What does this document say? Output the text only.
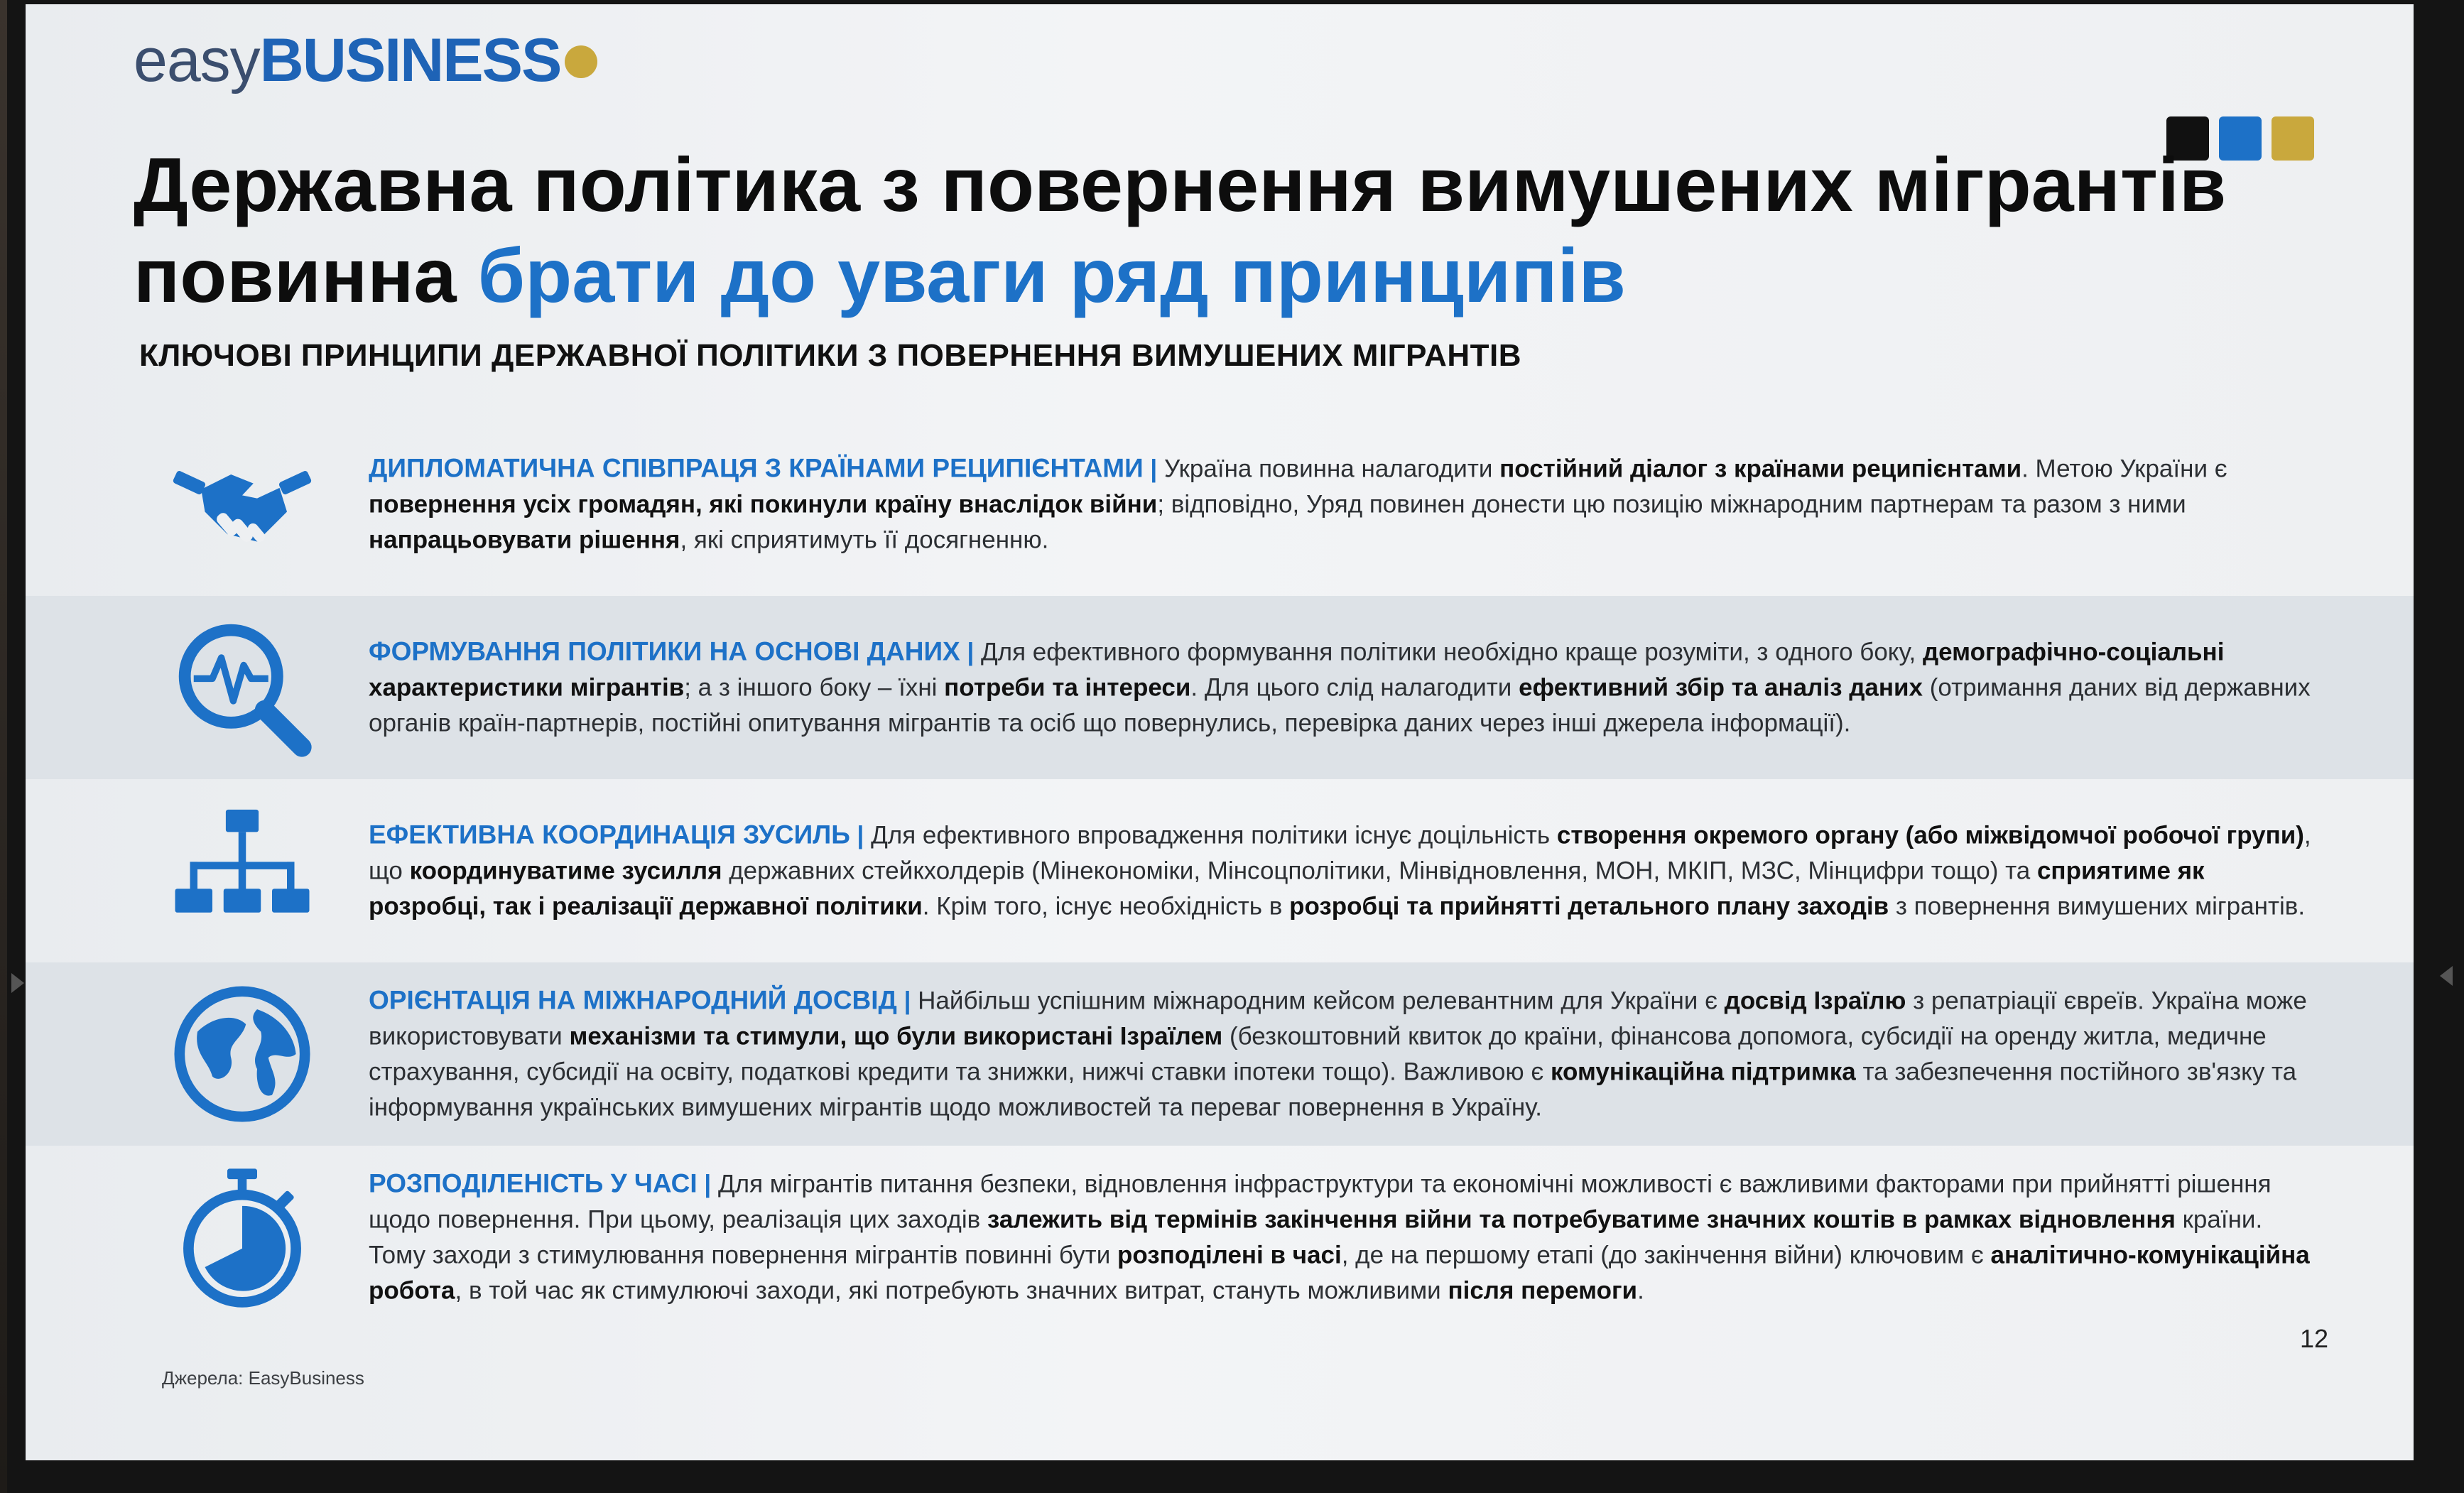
easyBUSINESS
Державна політика з повернення вимушених мігрантів
повинна брати до уваги ряд принципів
КЛЮЧОВІ ПРИНЦИПИ ДЕРЖАВНОЇ ПОЛІТИКИ З ПОВЕРНЕННЯ ВИМУШЕНИХ МІГРАНТІВ
ДИПЛОМАТИЧНА СПІВПРАЦЯ З КРАЇНАМИ РЕЦИПІЄНТАМИ | Україна повинна налагодити постійний діалог з країнами реципієнтами. Метою України є повернення усіх громадян, які покинули країну внаслідок війни; відповідно, Уряд повинен донести цю позицію міжнародним партнерам та разом з ними напрацьовувати рішення, які сприятимуть її досягненню.
ФОРМУВАННЯ ПОЛІТИКИ НА ОСНОВІ ДАНИХ | Для ефективного формування політики необхідно краще розуміти, з одного боку, демографічно-соціальні характеристики мігрантів; а з іншого боку – їхні потреби та інтереси. Для цього слід налагодити ефективний збір та аналіз даних (отримання даних від державних органів країн-партнерів, постійні опитування мігрантів та осіб що повернулись, перевірка даних через інші джерела інформації).
ЕФЕКТИВНА КООРДИНАЦІЯ ЗУСИЛЬ | Для ефективного впровадження політики існує доцільність створення окремого органу (або міжвідомчої робочої групи), що координуватиме зусилля державних стейкхолдерів (Мінекономіки, Мінсоцполітики, Мінвідновлення, МОН, МКІП, МЗС, Мінцифри тощо) та сприятиме як розробці, так і реалізації державної політики. Крім того, існує необхідність в розробці та прийнятті детального плану заходів з повернення вимушених мігрантів.
ОРІЄНТАЦІЯ НА МІЖНАРОДНИЙ ДОСВІД | Найбільш успішним міжнародним кейсом релевантним для України є досвід Ізраїлю з репатріації євреїв. Україна може використовувати механізми та стимули, що були використані Ізраїлем (безкоштовний квиток до країни, фінансова допомога, субсидії на оренду житла, медичне страхування, субсидії на освіту, податкові кредити та знижки, нижчі ставки іпотеки тощо). Важливою є комунікаційна підтримка та забезпечення постійного зв'язку та інформування українських вимушених мігрантів щодо можливостей та переваг повернення в Україну.
РОЗПОДІЛЕНІСТЬ У ЧАСІ | Для мігрантів питання безпеки, відновлення інфраструктури та економічні можливості є важливими факторами при прийнятті рішення щодо повернення. При цьому, реалізація цих заходів залежить від термінів закінчення війни та потребуватиме значних коштів в рамках відновлення країни. Тому заходи з стимулювання повернення мігрантів повинні бути розподілені в часі, де на першому етапі (до закінчення війни) ключовим є аналітично-комунікаційна робота, в той час як стимулюючі заходи, які потребують значних витрат, стануть можливими після перемоги.
Джерела: EasyBusiness
12
